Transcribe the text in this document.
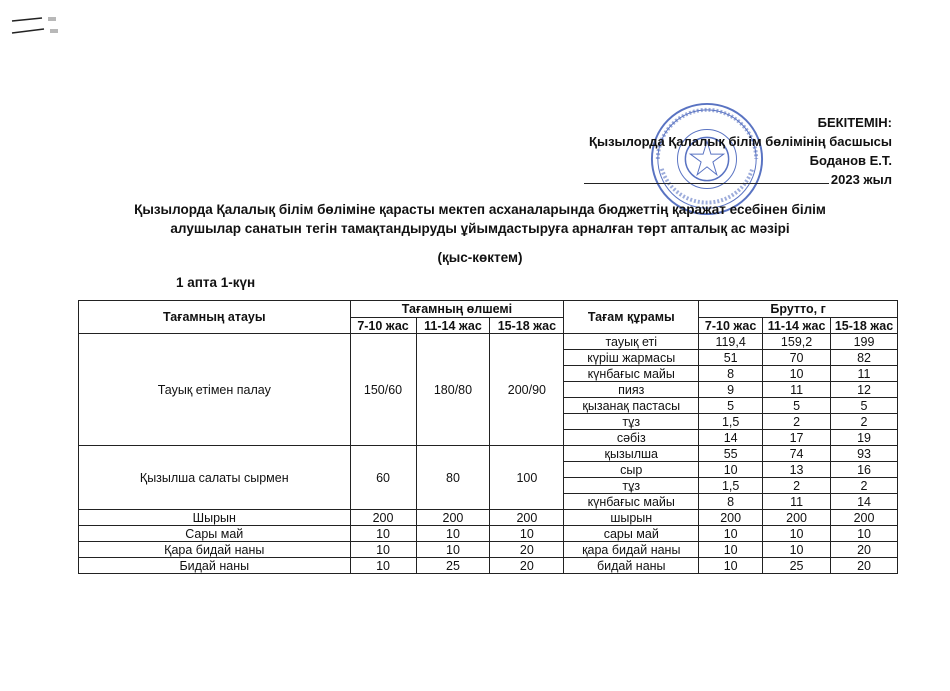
БЕКІТЕМІН:
Қызылорда Қалалық білім бөлімінің басшысы
Боданов Е.Т.
2023 жыл
Қызылорда Қалалық білім бөліміне қарасты мектеп асханаларында бюджеттің қаражат есебінен білім
алушылар санатын тегін тамақтандыруды ұйымдастыруға арналған төрт апталық ас мәзірі
(қыс-көктем)
1 апта 1-күн
Тағамның атауы	Тағамның өлшемі			Тағам құрамы	Брутто, г		
	7-10 жас	11-14 жас	15-18 жас		7-10 жас	11-14 жас	15-18 жас
Тауық етімен палау	150/60	180/80	200/90	тауық еті	119,4	159,2	199
				күріш жармасы	51	70	82
				күнбағыс майы	8	10	11
				пияз	9	11	12
				қызанақ пастасы	5	5	5
				тұз	1,5	2	2
				сәбіз	14	17	19
Қызылша салаты сырмен	60	80	100	қызылша	55	74	93
				сыр	10	13	16
				тұз	1,5	2	2
				күнбағыс майы	8	11	14
Шырын	200	200	200	шырын	200	200	200
Сары май	10	10	10	сары май	10	10	10
Қара бидай наны	10	10	20	қара бидай наны	10	10	20
Бидай наны	10	25	20	бидай наны	10	25	20
